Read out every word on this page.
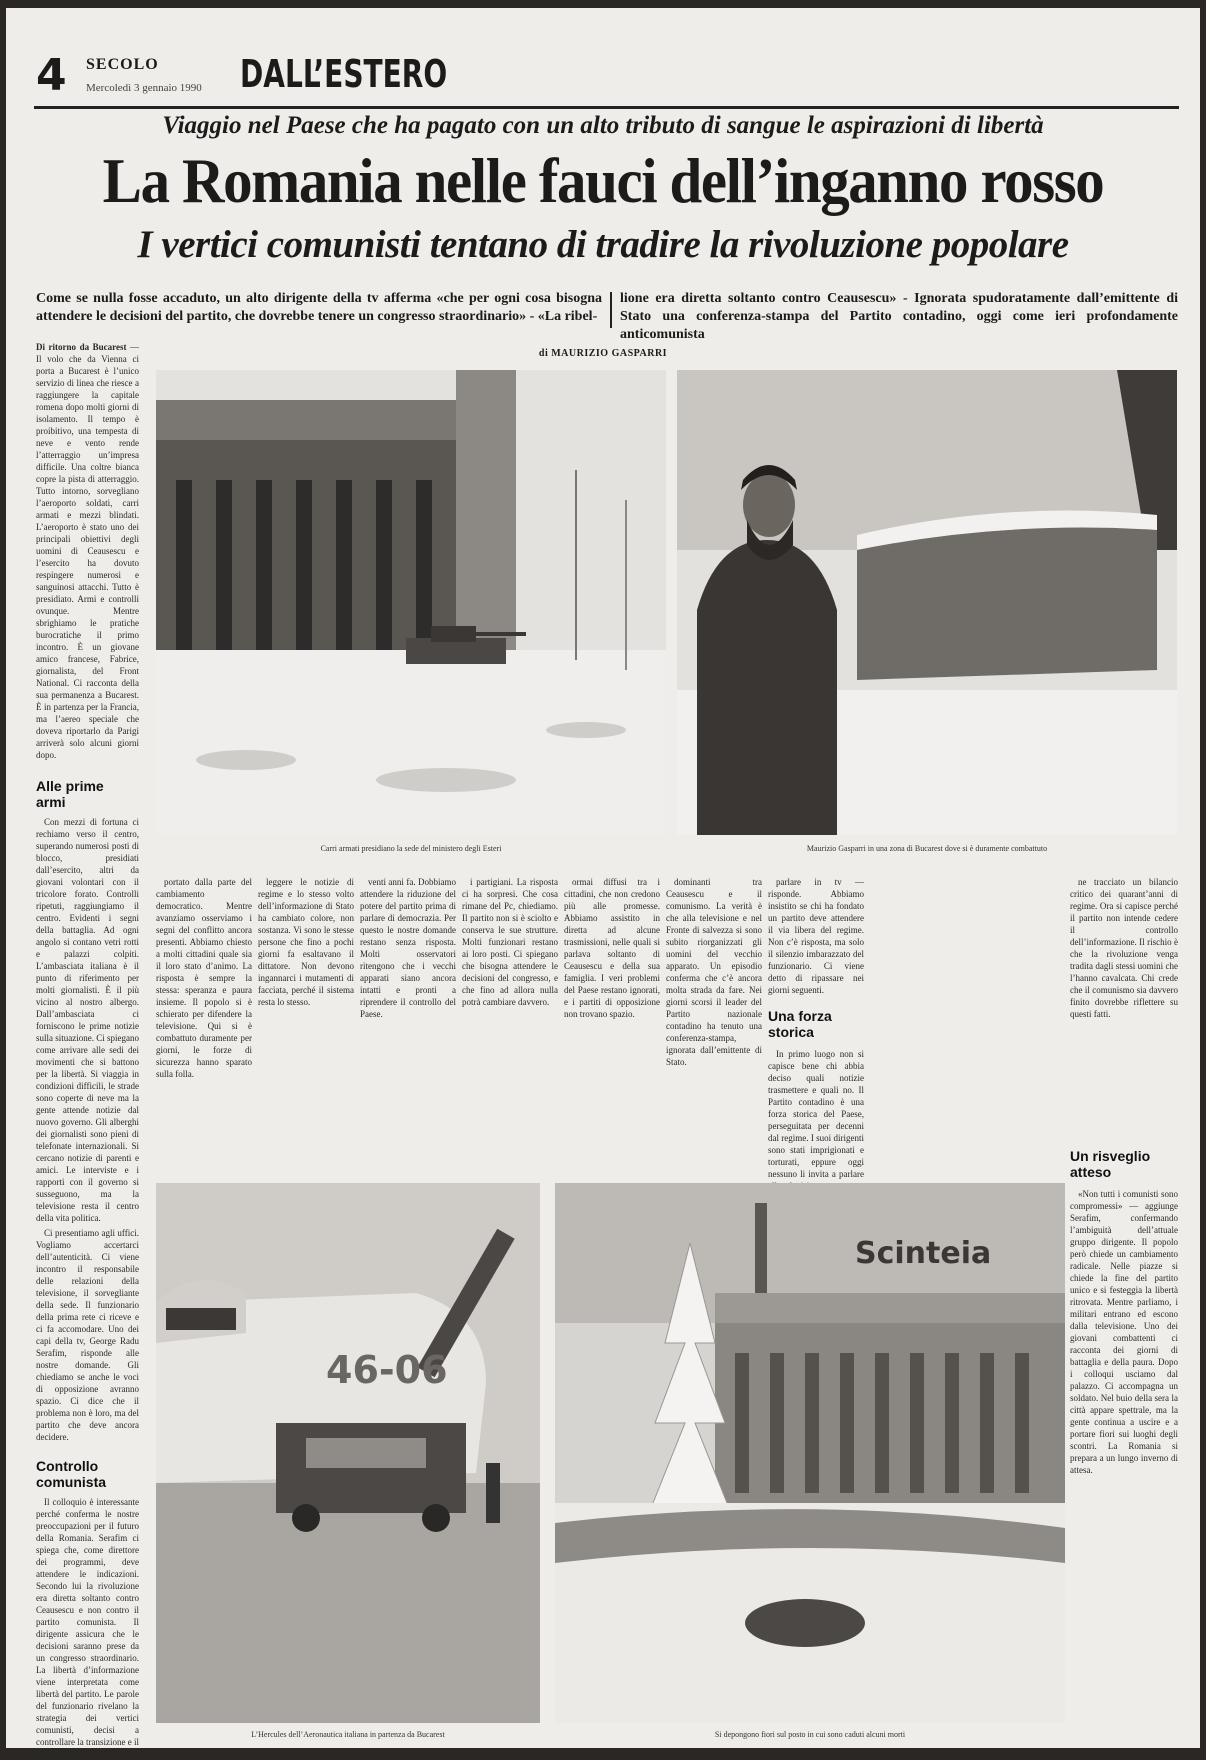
4 SECOLO
Mercoledì 3 gennaio 1990 DALL’ESTERO
Viaggio nel Paese che ha pagato con un alto tributo di sangue le aspirazioni di libertà
La Romania nelle fauci dell’inganno rosso
I vertici comunisti tentano di tradire la rivoluzione popolare
Come se nulla fosse accaduto, un alto dirigente della tv afferma «che per ogni cosa bisogna attendere le decisioni del partito, che dovrebbe tenere un congresso straordinario» - «La ribel-
lione era diretta soltanto contro Ceausescu» - Ignorata spudoratamente dall’emittente di Stato una conferenza-stampa del Partito contadino, oggi come ieri profondamente anticomunista
di MAURIZIO GASPARRI

Di ritorno da Bucarest — Il volo che da Vienna ci porta a Bucarest è l’unico servizio di linea che riesce a raggiungere la capitale romena dopo molti giorni di isolamento. Il tempo è proibitivo, una tempesta di neve e vento rende l’atterraggio un’impresa difficile. Una coltre bianca copre la pista di atterraggio. Tutto intorno, sorvegliano l’aeroporto soldati, carri armati e mezzi blindati. L’aeroporto è stato uno dei principali obiettivi degli uomini di Ceausescu e l’esercito ha dovuto respingere numerosi e sanguinosi attacchi. Tutto è presidiato. Armi e controlli ovunque. Mentre sbrighiamo le pratiche burocratiche il primo incontro. È un giovane amico francese, Fabrice, giornalista, del Front National. Ci racconta della sua permanenza a Bucarest. È in partenza per la Francia, ma l’aereo speciale che doveva riportarlo da Parigi arriverà solo alcuni giorni dopo.

Alle prime armi

Con mezzi di fortuna ci rechiamo verso il centro, superando numerosi posti di blocco, presidiati dall’esercito, altri da giovani volontari con il tricolore forato. Controlli ripetuti, raggiungiamo il centro. Evidenti i segni della battaglia. Ad ogni angolo si contano vetri rotti e palazzi colpiti. L’ambasciata italiana è il punto di riferimento per molti giornalisti. È il più vicino al nostro albergo. Dall’ambasciata ci forniscono le prime notizie sulla situazione. Ci spiegano come arrivare alle sedi dei movimenti che si battono per la libertà. Si viaggia in condizioni difficili, le strade sono coperte di neve ma la gente attende notizie dal nuovo governo. Gli alberghi dei giornalisti sono pieni di telefonate internazionali. Si cercano notizie di parenti e amici. Le interviste e i rapporti con il governo si susseguono, ma la televisione resta il centro della vita politica.

Ci presentiamo agli uffici. Vogliamo accertarci dell’autenticità. Ci viene incontro il responsabile delle relazioni della televisione, il sorvegliante della sede. Il funzionario della prima rete ci riceve e ci fa accomodare. Uno dei capi della tv, George Radu Serafim, risponde alle nostre domande. Gli chiediamo se anche le voci di opposizione avranno spazio. Ci dice che il problema non è loro, ma del partito che deve ancora decidere.

Controllo comunista

Il colloquio è interessante perché conferma le nostre preoccupazioni per il futuro della Romania. Serafim ci spiega che, come direttore dei programmi, deve attendere le indicazioni. Secondo lui la rivoluzione era diretta soltanto contro Ceausescu e non contro il partito comunista. Il dirigente assicura che le decisioni saranno prese da un congresso straordinario. La libertà d’informazione viene interpretata come libertà del partito. Le parole del funzionario rivelano la strategia dei vertici comunisti, decisi a controllare la transizione e il cambiamento.

portato dalla parte del cambiamento democratico. Mentre avanziamo osserviamo i segni del conflitto ancora presenti. Abbiamo chiesto a molti cittadini quale sia il loro stato d’animo. La risposta è sempre la stessa: speranza e paura insieme. Il popolo si è schierato per difendere la televisione. Qui si è combattuto duramente per giorni, le forze di sicurezza hanno sparato sulla folla.

leggere le notizie di regime e lo stesso volto dell’informazione di Stato ha cambiato colore, non sostanza. Vi sono le stesse persone che fino a pochi giorni fa esaltavano il dittatore. Non devono ingannarci i mutamenti di facciata, perché il sistema resta lo stesso.

venti anni fa. Dobbiamo attendere la riduzione del potere del partito prima di parlare di democrazia. Per questo le nostre domande restano senza risposta. Molti osservatori ritengono che i vecchi apparati siano ancora intatti e pronti a riprendere il controllo del Paese.

i partigiani. La risposta ci ha sorpresi. Che cosa rimane del Pc, chiediamo. Il partito non si è sciolto e conserva le sue strutture. Molti funzionari restano ai loro posti. Ci spiegano che bisogna attendere le decisioni del congresso, e che fino ad allora nulla potrà cambiare davvero.

ormai diffusi tra i cittadini, che non credono più alle promesse. Abbiamo assistito in diretta ad alcune trasmissioni, nelle quali si parlava soltanto di Ceausescu e della sua famiglia. I veri problemi del Paese restano ignorati, e i partiti di opposizione non trovano spazio.

dominanti tra Ceausescu e il comunismo. La verità è che alla televisione e nel Fronte di salvezza si sono subito riorganizzati gli uomini del vecchio apparato. Un episodio conferma che c’è ancora molta strada da fare. Nei giorni scorsi il leader del Partito nazionale contadino ha tenuto una conferenza-stampa, ignorata dall’emittente di Stato.

parlare in tv — risponde. Abbiamo insistito se chi ha fondato un partito deve attendere il via libera del regime. Non c’è risposta, ma solo il silenzio imbarazzato del funzionario. Ci viene detto di ripassare nei giorni seguenti.

Una forza storica

In primo luogo non si capisce bene chi abbia deciso quali notizie trasmettere e quali no. Il Partito contadino è una forza storica del Paese, perseguitata per decenni dal regime. I suoi dirigenti sono stati imprigionati e torturati, eppure oggi nessuno li invita a parlare

ne tracciato un bilancio critico dei quarant’anni di regime. Ora si capisce perché il partito non intende cedere il controllo dell’informazione. Il rischio è che la rivoluzione venga tradita dagli stessi uomini che l’hanno cavalcata. Chi crede che il comunismo sia davvero finito dovrebbe riflettere su questi fatti.

Un risveglio atteso

«Non tutti i comunisti sono compromessi» — aggiunge Serafim, confermando l’ambiguità dell’attuale gruppo dirigente. Il popolo però chiede un cambiamento radicale. Nelle piazze si chiede la fine del partito unico e si festeggia la libertà ritrovata. Mentre parliamo, i militari entrano ed escono dalla televisione. Uno dei giovani combattenti ci racconta dei giorni di battaglia e della paura. Dopo i colloqui usciamo dal palazzo. Ci accompagna un soldato. Nel buio della sera la città appare spettrale, ma la gente continua a uscire e a portare fiori sui luoghi degli scontri. La Romania si prepara a un lungo inverno di attesa.

Carri armati presidiano la sede del ministero degli Esteri	Maurizio Gasparri in una zona di Bucarest dove si è duramente combattuto
46-06
L’Hercules dell’Aeronautica italiana in partenza da Bucarest
Scinteia
Si depongono fiori sul posto in cui sono caduti alcuni morti
